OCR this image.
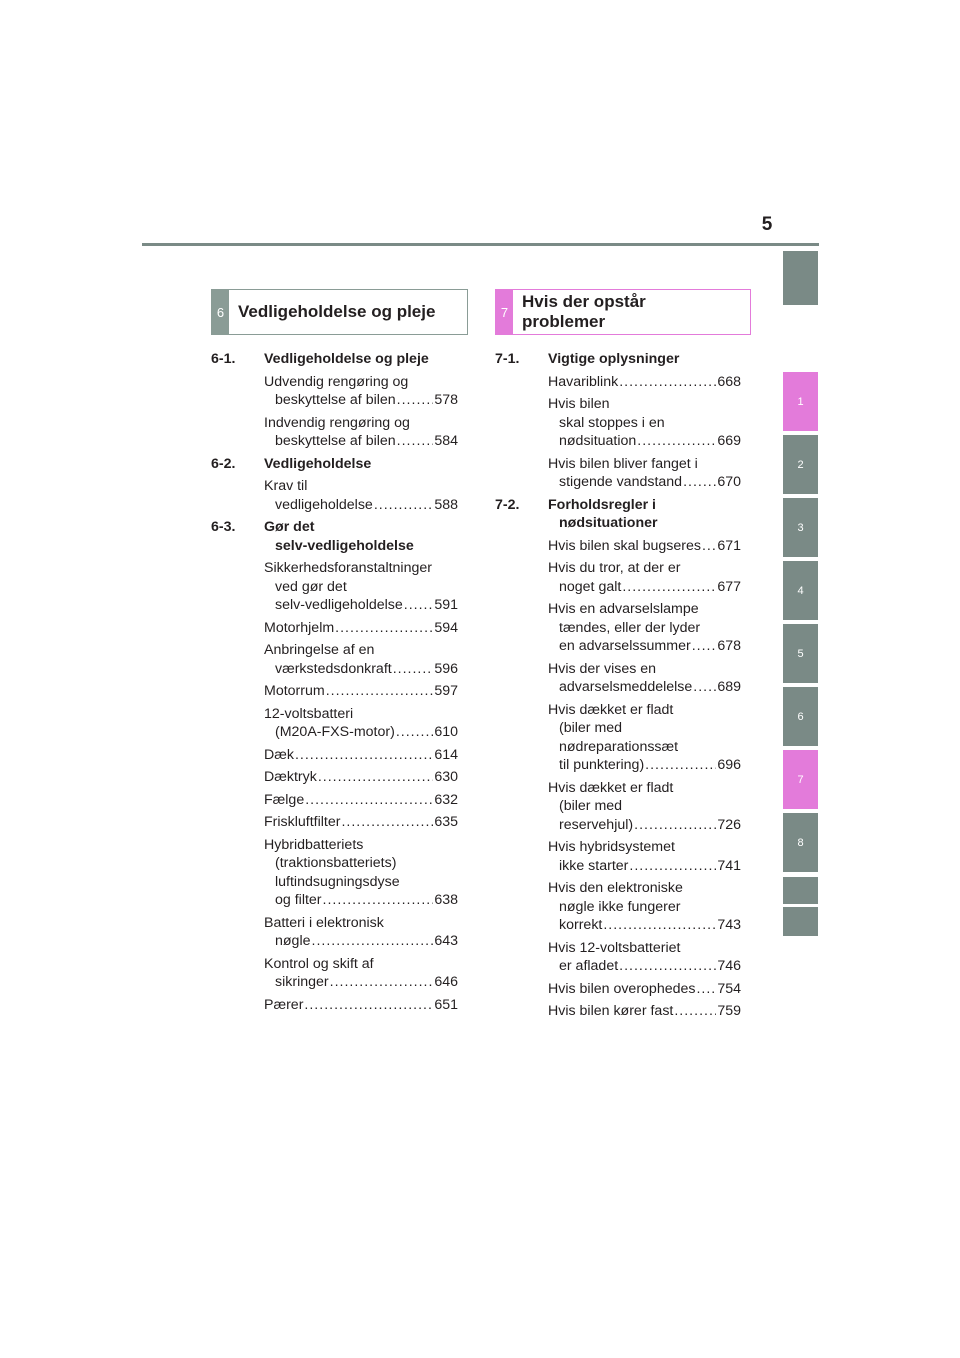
5
1
2
3
4
5
6
7
8
6 Vedligeholdelse og pleje	7
Hvis der opstår
problemer
6-1.	Vedligeholdelse og pleje
Udvendig rengøring og
beskyttelse af bilen .....	578
Indvendig rengøring og
beskyttelse af bilen .....	584
6-2.	Vedligeholdelse
Krav til
vedligeholdelse .....	588
6-3.	Gør det
selv-vedligeholdelse
Sikkerhedsforanstaltninger
ved gør det
selv-vedligeholdelse ..... 591
Motorhjelm .....	594
Anbringelse af en
værkstedsdonkraft .....	596
Motorrum .....	597
12-voltsbatteri
(M20A-FXS-motor) .....	610
Dæk .....	614
Dæktryk .....	630
Fælge .....	632
Friskluftfilter .....	635
Hybridbatteriets
(traktionsbatteriets)
luftindsugningsdyse
og filter .....	638
Batteri i elektronisk
nøgle .....	643
Kontrol og skift af
sikringer .....	646
Pærer .....	651
7-1.	Vigtige oplysninger
Havariblink .....	668
Hvis bilen
skal stoppes i en
nødsituation .....	669
Hvis bilen bliver fanget i
stigende vandstand ..... 670
7-2.	Forholdsregler i
nødsituationer
Hvis bilen skal bugseres ..... 671
Hvis du tror, at der er
noget galt .....	677
Hvis en advarselslampe
tændes, eller der lyder
en advarselssummer ..... 678
Hvis der vises en
advarselsmeddelelse ..... 689
Hvis dækket er fladt
(biler med
nødreparationssæt
til punktering) .....	696
Hvis dækket er fladt
(biler med
reservehjul) .....	726
Hvis hybridsystemet
ikke starter .....	741
Hvis den elektroniske
nøgle ikke fungerer
korrekt .....	743
Hvis 12-voltsbatteriet
er afladet .....	746
Hvis bilen overophedes ..... 754
Hvis bilen kører fast .....	759
